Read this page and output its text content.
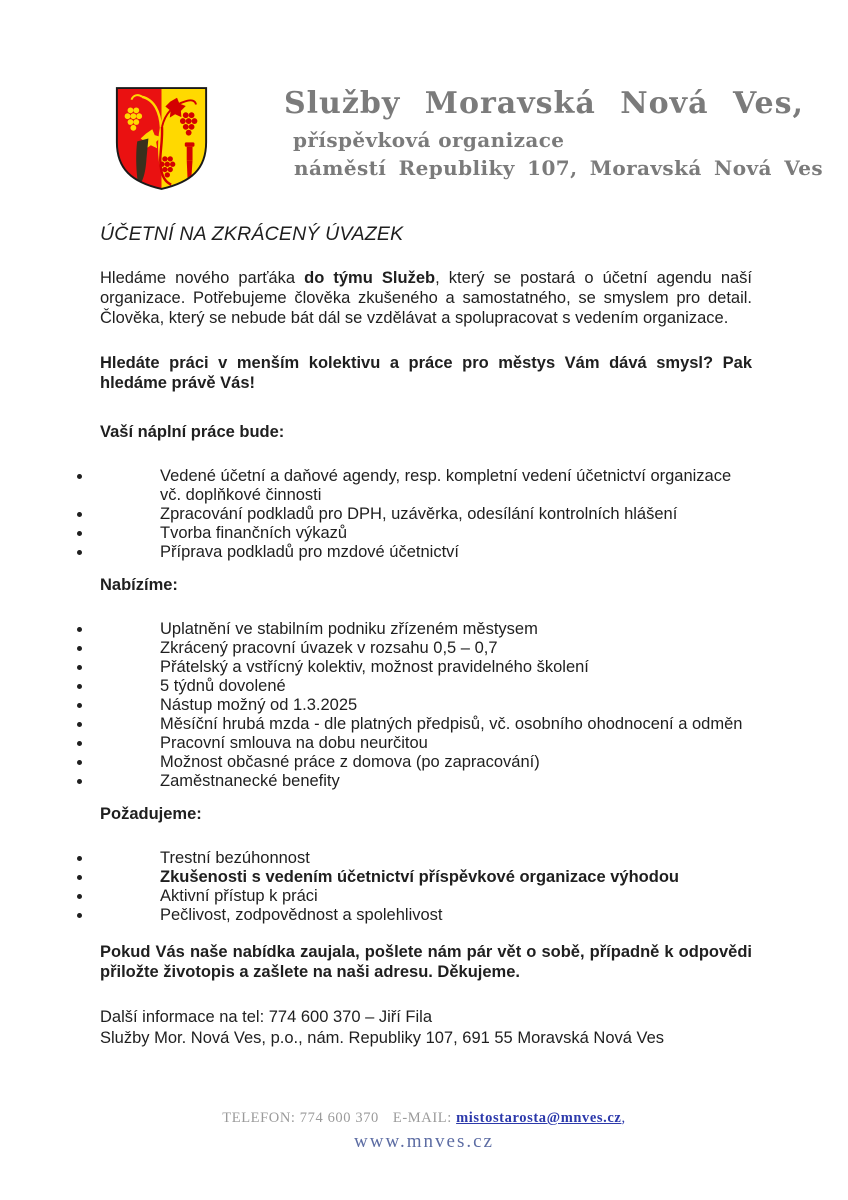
Služby Moravská Nová Ves,
příspěvková organizace
náměstí Republiky 107, Moravská Nová Ves
ÚČETNÍ NA ZKRÁCENÝ ÚVAZEK

Hledáme nového parťáka do týmu Služeb, který se postará o účetní agendu naší organizace. Potřebujeme člověka zkušeného a samostatného, se smyslem pro detail. Člověka, který se nebude bát dál se vzdělávat a spolupracovat s vedením organizace.

Hledáte práci v menším kolektivu a práce pro městys Vám dává smysl? Pak hledáme právě Vás!

Vaší náplní práce bude:
Vedené účetní a daňové agendy, resp. kompletní vedení účetnictví organizace vč. doplňkové činnosti
Zpracování podkladů pro DPH, uzávěrka, odesílání kontrolních hlášení
Tvorba finančních výkazů
Příprava podkladů pro mzdové účetnictví
Nabízíme:
Uplatnění ve stabilním podniku zřízeném městysem
Zkrácený pracovní úvazek v rozsahu 0,5 – 0,7
Přátelský a vstřícný kolektiv, možnost pravidelného školení
5 týdnů dovolené
Nástup možný od 1.3.2025
Měsíční hrubá mzda - dle platných předpisů, vč. osobního ohodnocení a odměn
Pracovní smlouva na dobu neurčitou
Možnost občasné práce z domova (po zapracování)
Zaměstnanecké benefity
Požadujeme:
Trestní bezúhonnost
Zkušenosti s vedením účetnictví příspěvkové organizace výhodou
Aktivní přístup k práci
Pečlivost, zodpovědnost a spolehlivost

Pokud Vás naše nabídka zaujala, pošlete nám pár vět o sobě, případně k odpovědi přiložte životopis a zašlete na naši adresu. Děkujeme.

Další informace na tel: 774 600 370 – Jiří Fila
Služby Mor. Nová Ves, p.o., nám. Republiky 107, 691 55 Moravská Nová Ves
TELEFON: 774 600 370 E-MAIL: mistostarosta@mnves.cz,
www.mnves.cz
